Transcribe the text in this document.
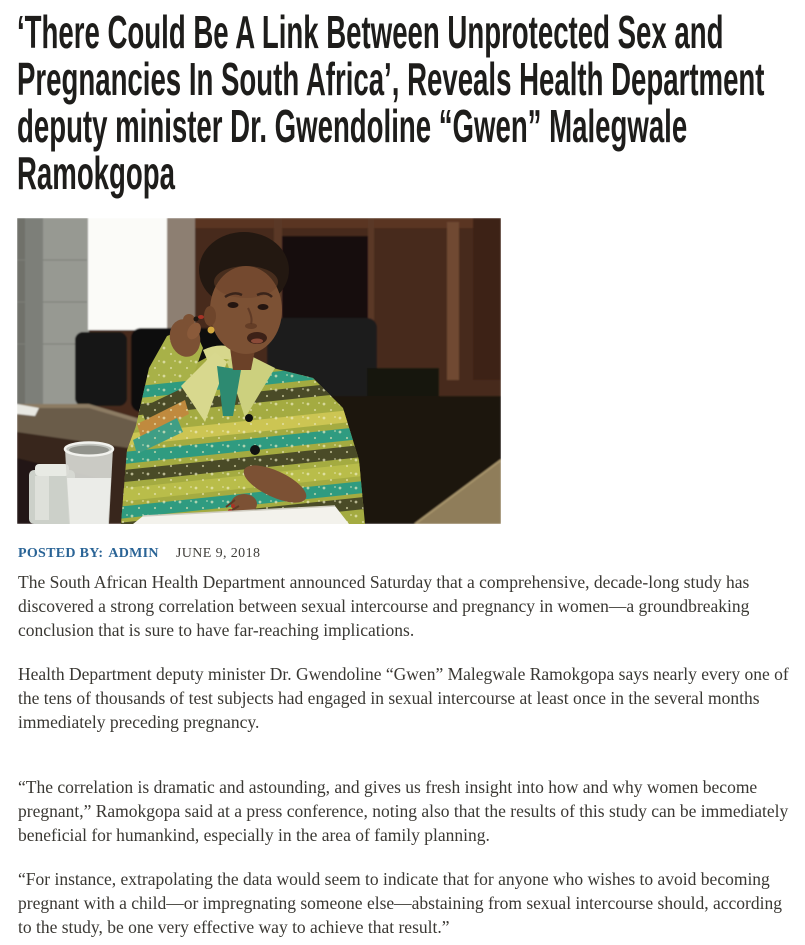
‘There Could Be A Link Between Unprotected Sex and Pregnancies In South Africa’, Reveals Health Department deputy minister Dr. Gwendoline “Gwen” Malegwale Ramokgopa
POSTED BY: ADMIN JUNE 9, 2018

The South African Health Department announced Saturday that a comprehensive, decade-long study has discovered a strong correlation between sexual intercourse and pregnancy in women—a groundbreaking conclusion that is sure to have far-reaching implications.

Health Department deputy minister Dr. Gwendoline “Gwen” Malegwale Ramokgopa says nearly every one of the tens of thousands of test subjects had engaged in sexual intercourse at least once in the several months immediately preceding pregnancy.

“The correlation is dramatic and astounding, and gives us fresh insight into how and why women become pregnant,” Ramokgopa said at a press conference, noting also that the results of this study can be immediately beneficial for humankind, especially in the area of family planning.

“For instance, extrapolating the data would seem to indicate that for anyone who wishes to avoid becoming pregnant with a child—or impregnating someone else—abstaining from sexual intercourse should, according to the study, be one very effective way to achieve that result.”
